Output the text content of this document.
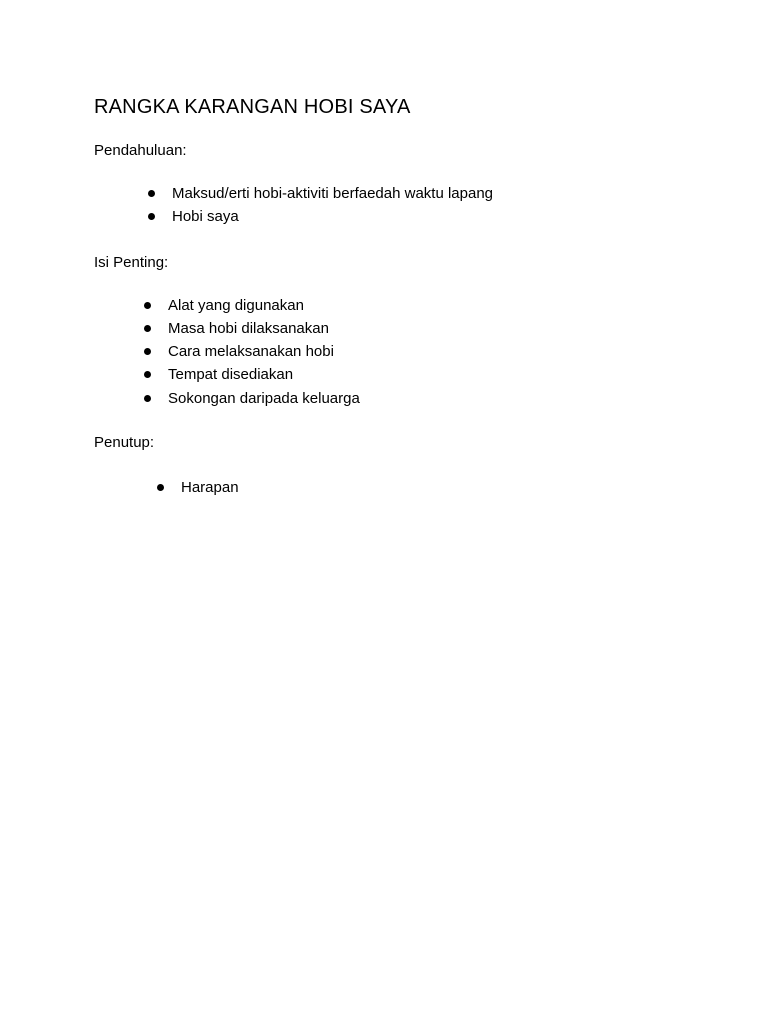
RANGKA KARANGAN HOBI SAYA
Pendahuluan:
Maksud/erti hobi-aktiviti berfaedah waktu lapang
Hobi saya
Isi Penting:
Alat yang digunakan
Masa hobi dilaksanakan
Cara melaksanakan hobi
Tempat disediakan
Sokongan daripada keluarga
Penutup:
Harapan
